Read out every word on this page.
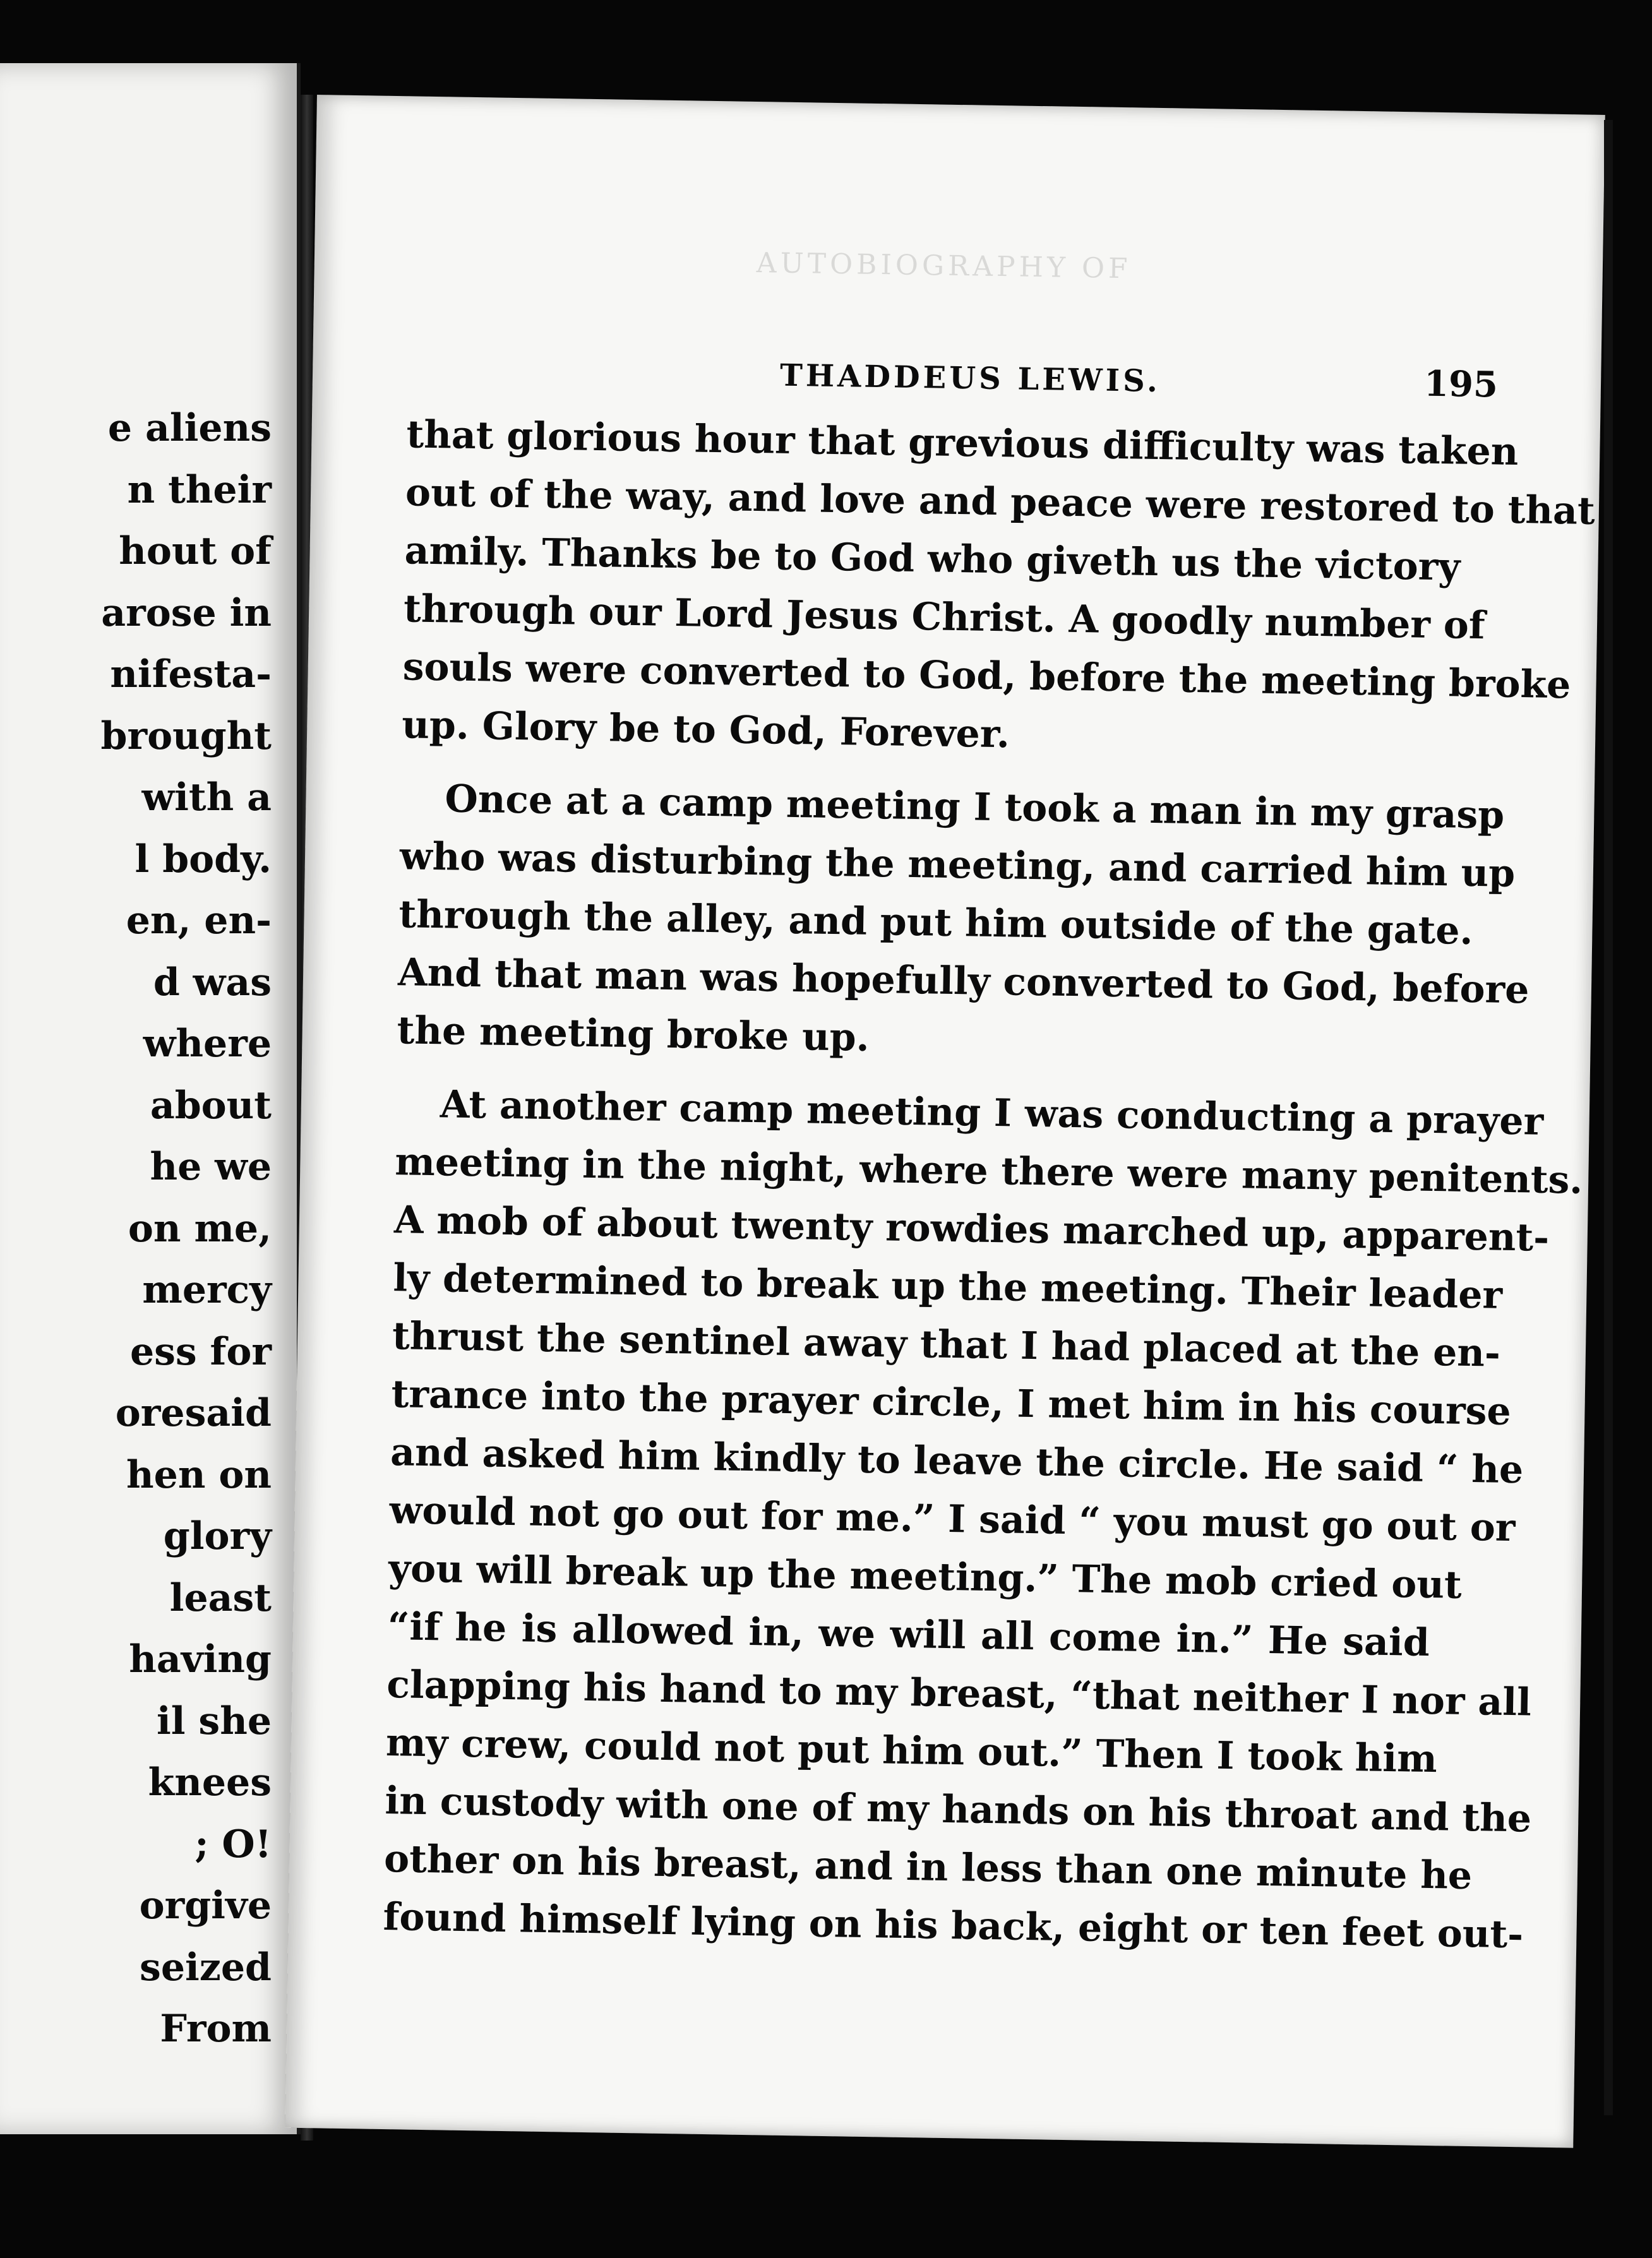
e aliens
n their
hout of
arose in
nifesta-
brought
with a
l body.
en, en-
d was
where
about
he we
on me,
mercy
ess for
oresaid
hen on
glory
least
having
il she
knees
; O!
orgive
seized
From
AUTOBIOGRAPHY OF
THADDEUS LEWIS.	195
that glorious hour that grevious difficulty was taken
out of the way, and love and peace were restored to that
amily. Thanks be to God who giveth us the victory
through our Lord Jesus Christ. A goodly number of
souls were converted to God, before the meeting broke
up. Glory be to God, Forever.
Once at a camp meeting I took a man in my grasp
who was disturbing the meeting, and carried him up
through the alley, and put him outside of the gate.
And that man was hopefully converted to God, before
the meeting broke up.
At another camp meeting I was conducting a prayer
meeting in the night, where there were many penitents.
A mob of about twenty rowdies marched up, apparent-
ly determined to break up the meeting. Their leader
thrust the sentinel away that I had placed at the en-
trance into the prayer circle, I met him in his course
and asked him kindly to leave the circle. He said “ he
would not go out for me.” I said “ you must go out or
you will break up the meeting.” The mob cried out
“if he is allowed in, we will all come in.” He said
clapping his hand to my breast, “that neither I nor all
my crew, could not put him out.” Then I took him
in custody with one of my hands on his throat and the
other on his breast, and in less than one minute he
found himself lying on his back, eight or ten feet out-
